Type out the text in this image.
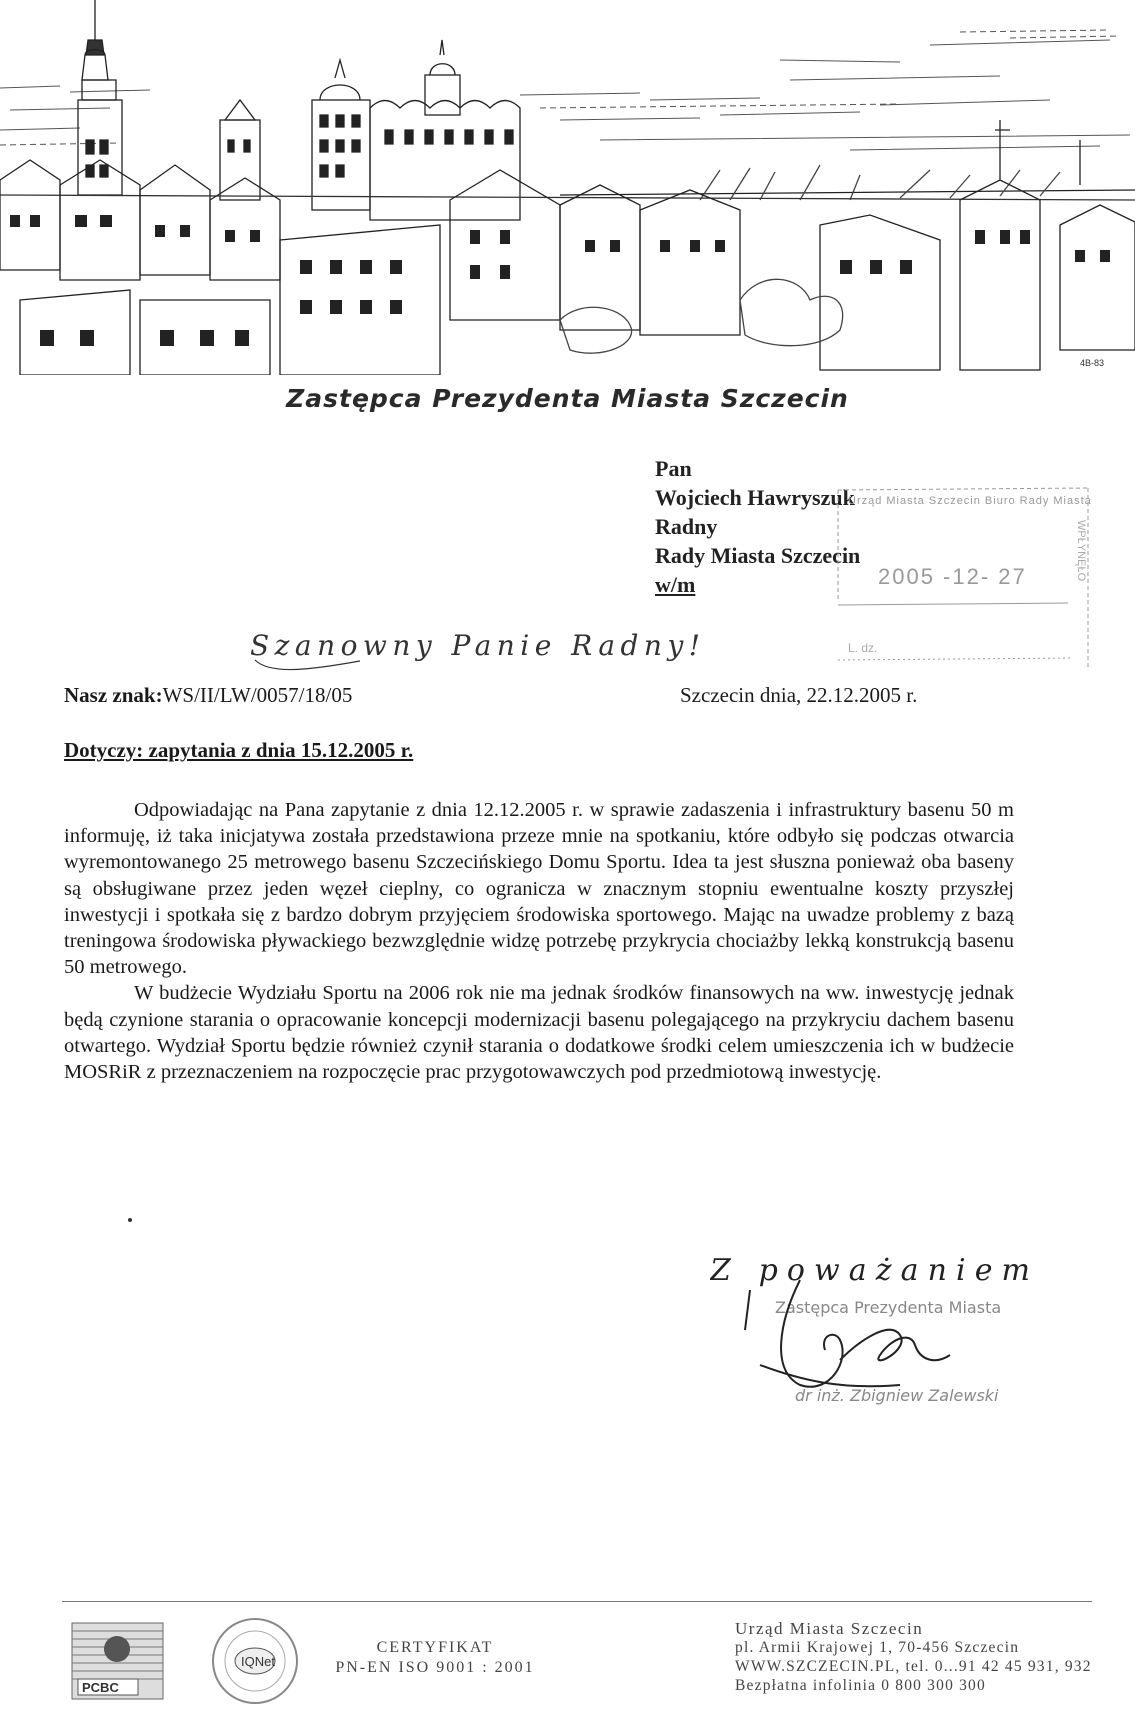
4B-83
Zastępca Prezydenta Miasta Szczecin
Pan
Wojciech Hawryszuk
Radny
Rady Miasta Szczecin
w/m
Urząd Miasta Szczecin Biuro Rady Miasta
2005 -12- 27	WPŁYNĘŁO
L. dz.
Szanowny Panie Radny!
Nasz znak:WS/II/LW/0057/18/05	Szczecin dnia, 22.12.2005 r.
Dotyczy: zapytania z dnia 15.12.2005 r.

Odpowiadając na Pana zapytanie z dnia 12.12.2005 r. w sprawie zadaszenia i infrastruktury basenu 50 m informuję, iż taka inicjatywa została przedstawiona przeze mnie na spotkaniu, które odbyło się podczas otwarcia wyremontowanego 25 metrowego basenu Szczecińskiego Domu Sportu. Idea ta jest słuszna ponieważ oba baseny są obsługiwane przez jeden węzeł cieplny, co ogranicza w znacznym stopniu ewentualne koszty przyszłej inwestycji i spotkała się z bardzo dobrym przyjęciem środowiska sportowego. Mając na uwadze problemy z bazą treningowa środowiska pływackiego bezwzględnie widzę potrzebę przykrycia chociażby lekką konstrukcją basenu 50 metrowego.

W budżecie Wydziału Sportu na 2006 rok nie ma jednak środków finansowych na ww. inwestycję jednak będą czynione starania o opracowanie koncepcji modernizacji basenu polegającego na przykryciu dachem basenu otwartego. Wydział Sportu będzie również czynił starania o dodatkowe środki celem umieszczenia ich w budżecie MOSRiR z przeznaczeniem na rozpoczęcie prac przygotowawczych pod przedmiotową inwestycję.

Z poważaniem
Zastępca Prezydenta Miasta
dr inż. Zbigniew Zalewski
PCBC
IQNet
CERTYFIKAT
PN-EN ISO 9001 : 2001
Urząd Miasta Szczecin
pl. Armii Krajowej 1, 70-456 Szczecin
WWW.SZCZECIN.PL, tel. 0...91 42 45 931, 932
Bezpłatna infolinia 0 800 300 300
